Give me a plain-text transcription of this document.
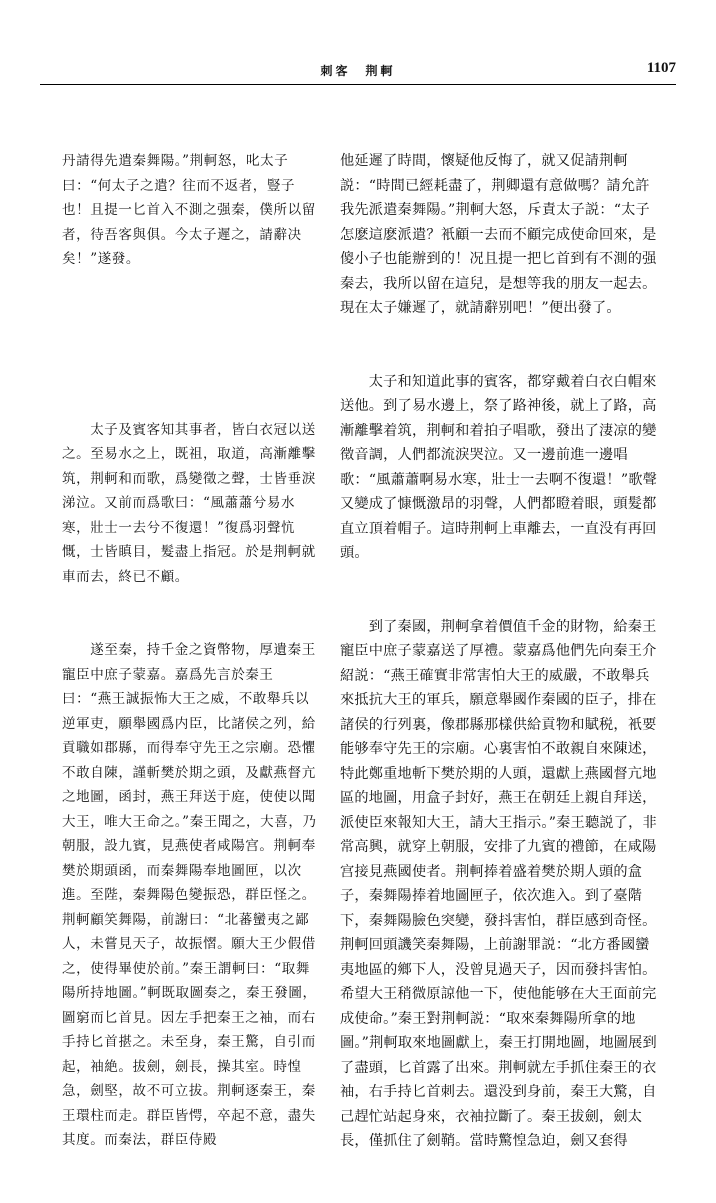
刺客　荆軻	1107

丹請得先遣秦舞陽。”荆軻怒，叱太子曰：“何太子之遣？往而不返者，豎子也！且提一匕首入不測之强秦，僕所以留者，待吾客與俱。今太子遲之，請辭决矣！”遂發。

　　太子及賓客知其事者，皆白衣冠以送之。至易水之上，既祖，取道，高漸離擊筑，荆軻和而歌，爲變徵之聲，士皆垂淚涕泣。又前而爲歌曰：“風蕭蕭兮易水寒，壯士一去兮不復還！”復爲羽聲忼慨，士皆瞋目，髮盡上指冠。於是荆軻就車而去，終已不顧。

　　遂至秦，持千金之資幣物，厚遺秦王寵臣中庶子蒙嘉。嘉爲先言於秦王曰：“燕王誠振怖大王之威，不敢舉兵以逆軍吏，願舉國爲内臣，比諸侯之列，給貢職如郡縣，而得奉守先王之宗廟。恐懼不敢自陳，謹斬樊於期之頭，及獻燕督亢之地圖，函封，燕王拜送于庭，使使以聞大王，唯大王命之。”秦王聞之，大喜，乃朝服，設九賓，見燕使者咸陽宫。荆軻奉樊於期頭函，而秦舞陽奉地圖匣，以次進。至陛，秦舞陽色變振恐，群臣怪之。荆軻顧笑舞陽，前謝曰：“北蕃蠻夷之鄙人，未嘗見天子，故振慴。願大王少假借之，使得畢使於前。”秦王謂軻曰：“取舞陽所持地圖。”軻既取圖奏之，秦王發圖，圖窮而匕首見。因左手把秦王之袖，而右手持匕首揕之。未至身，秦王驚，自引而起，袖絶。拔劍，劍長，操其室。時惶急，劍堅，故不可立拔。荆軻逐秦王，秦王環柱而走。群臣皆愕，卒起不意，盡失其度。而秦法，群臣侍殿

他延遲了時間，懷疑他反悔了，就又促請荆軻説：“時間已經耗盡了，荆卿還有意做嗎？請允許我先派遣秦舞陽。”荆軻大怒，斥責太子説：“太子怎麽這麽派遣？衹顧一去而不顧完成使命回來，是傻小子也能辦到的！况且提一把匕首到有不測的强秦去，我所以留在這兒，是想等我的朋友一起去。現在太子嫌遲了，就請辭别吧！”便出發了。

　　太子和知道此事的賓客，都穿戴着白衣白帽來送他。到了易水邊上，祭了路神後，就上了路，高漸離擊着筑，荆軻和着拍子唱歌，發出了淒凉的變徵音調，人們都流淚哭泣。又一邊前進一邊唱歌：“風蕭蕭啊易水寒，壯士一去啊不復還！”歌聲又變成了慷慨激昂的羽聲，人們都瞪着眼，頭髮都直立頂着帽子。這時荆軻上車離去，一直没有再回頭。

　　到了秦國，荆軻拿着價值千金的財物，給秦王寵臣中庶子蒙嘉送了厚禮。蒙嘉爲他們先向秦王介紹説：“燕王確實非常害怕大王的威嚴，不敢舉兵來抵抗大王的軍兵，願意舉國作秦國的臣子，排在諸侯的行列裏，像郡縣那樣供給貢物和賦税，衹要能够奉守先王的宗廟。心裏害怕不敢親自來陳述，特此鄭重地斬下樊於期的人頭，還獻上燕國督亢地區的地圖，用盒子封好，燕王在朝廷上親自拜送，派使臣來報知大王，請大王指示。”秦王聽説了，非常高興，就穿上朝服，安排了九賓的禮節，在咸陽宫接見燕國使者。荆軻捧着盛着樊於期人頭的盒子，秦舞陽捧着地圖匣子，依次進入。到了臺階下，秦舞陽臉色突變，發抖害怕，群臣感到奇怪。荆軻回頭譏笑秦舞陽，上前謝罪説：“北方番國蠻夷地區的鄉下人，没曾見過天子，因而發抖害怕。希望大王稍微原諒他一下，使他能够在大王面前完成使命。”秦王對荆軻説：“取來秦舞陽所拿的地圖。”荆軻取來地圖獻上，秦王打開地圖，地圖展到了盡頭，匕首露了出來。荆軻就左手抓住秦王的衣袖，右手持匕首刺去。還没到身前，秦王大驚，自己趕忙站起身來，衣袖拉斷了。秦王拔劍，劍太長，僅抓住了劍鞘。當時驚惶急迫，劍又套得
